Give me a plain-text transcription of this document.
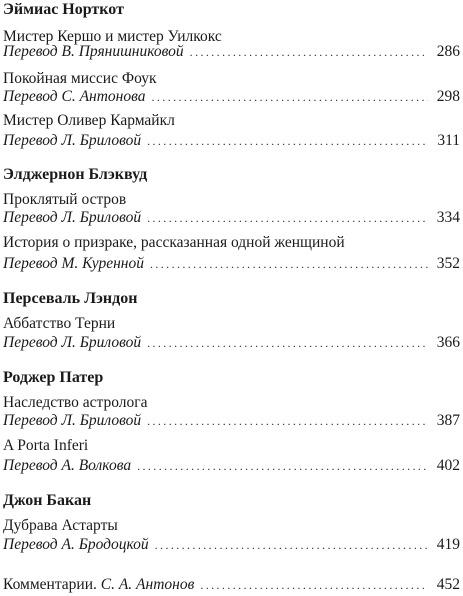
Эймиас Норткот
Мистер Кершо и мистер Уилкокс
Перевод В. Прянишниковой . . .	286
Покойная миссис Фоук
Перевод С. Антонова . . .	298
Мистер Оливер Кармайкл
Перевод Л. Бриловой . . .	311
Элджернон Блэквуд
Проклятый остров
Перевод Л. Бриловой . . .	334
История о призраке, рассказанная одной женщиной
Перевод М. Куренной . . .	352
Персеваль Лэндон
Аббатство Терни
Перевод Л. Бриловой . . .	366
Роджер Патер
Наследство астролога
Перевод Л. Бриловой . . .	387
A Porta Inferi
Перевод А. Волкова . . .	402
Джон Бакан
Дубрава Астарты
Перевод А. Бродоцкой . . .	419
Комментарии. С. А. Антонов . . .	452
